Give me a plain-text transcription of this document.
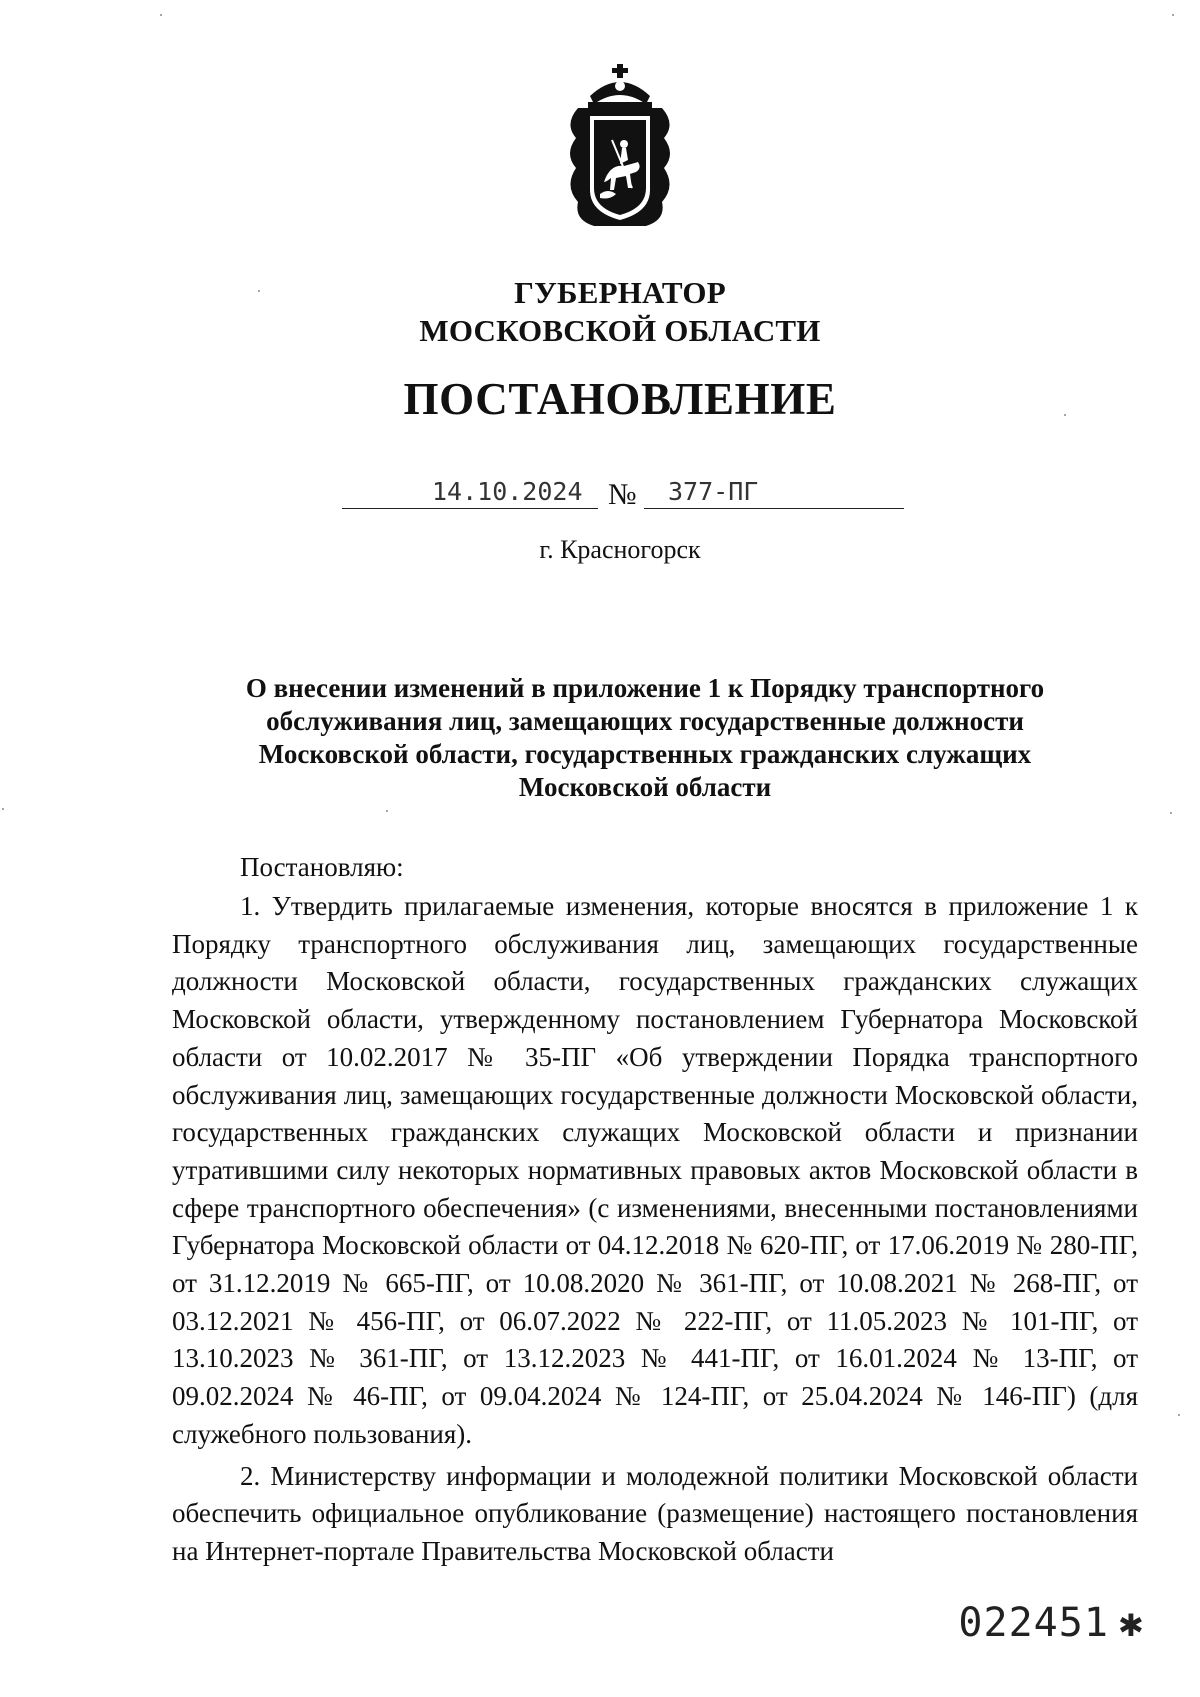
ГУБЕРНАТОР
МОСКОВСКОЙ ОБЛАСТИ
ПОСТАНОВЛЕНИЕ
14.10.2024 № 377-ПГ
г. Красногорск
О внесении изменений в приложение 1 к Порядку транспортного обслуживания лиц, замещающих государственные должности Московской области, государственных гражданских служащих Московской области
Постановляю:

1. Утвердить прилагаемые изменения, которые вносятся в приложение 1 к Порядку транспортного обслуживания лиц, замещающих государственные должности Московской области, государственных гражданских служащих Московской области, утвержденному постановлением Губернатора Московской области от 10.02.2017 № 35-ПГ «Об утверждении Порядка транспортного обслуживания лиц, замещающих государственные должности Московской области, государственных гражданских служащих Московской области и признании утратившими силу некоторых нормативных правовых актов Московской области в сфере транспортного обеспечения» (с изменениями, внесенными постановлениями Губернатора Московской области от 04.12.2018 № 620-ПГ, от 17.06.2019 № 280-ПГ, от 31.12.2019 № 665-ПГ, от 10.08.2020 № 361-ПГ, от 10.08.2021 № 268-ПГ, от 03.12.2021 № 456-ПГ, от 06.07.2022 № 222-ПГ, от 11.05.2023 № 101-ПГ, от 13.10.2023 № 361-ПГ, от 13.12.2023 № 441-ПГ, от 16.01.2024 № 13-ПГ, от 09.02.2024 № 46-ПГ, от 09.04.2024 № 124-ПГ, от 25.04.2024 № 146-ПГ) (для служебного пользования).

2. Министерству информации и молодежной политики Московской области обеспечить официальное опубликование (размещение) настоящего постановления на Интернет-портале Правительства Московской области

022451 ✱
